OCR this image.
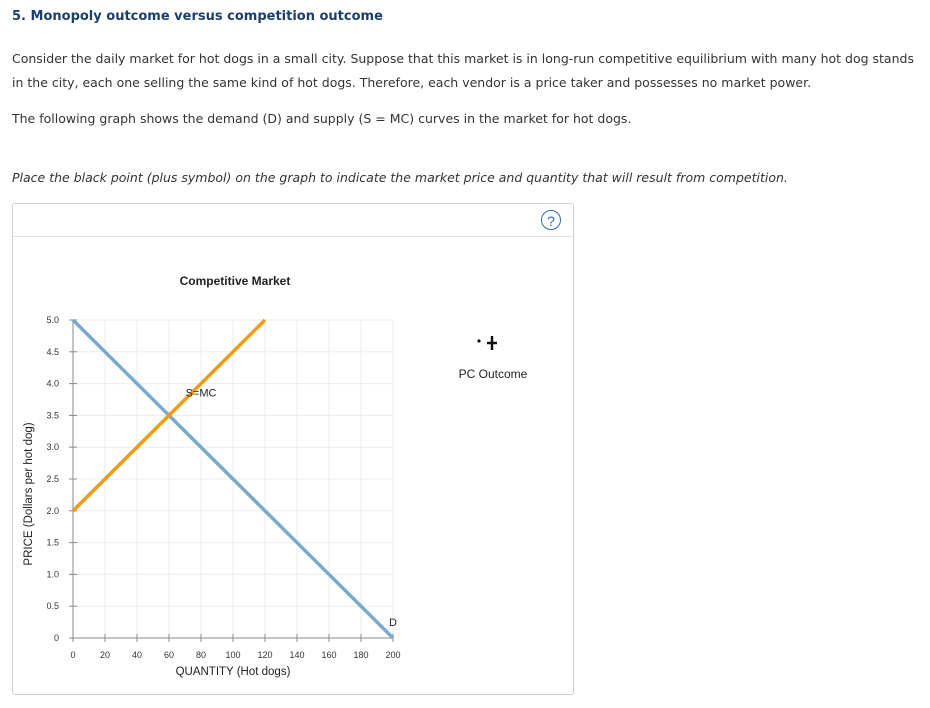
5. Monopoly outcome versus competition outcome
Consider the daily market for hot dogs in a small city. Suppose that this market is in long-run competitive equilibrium with many hot dog stands in the city, each one selling the same kind of hot dogs. Therefore, each vendor is a price taker and possesses no market power.
The following graph shows the demand (D) and supply (S = MC) curves in the market for hot dogs.
Place the black point (plus symbol) on the graph to indicate the market price and quantity that will result from competition.
?
0	20 40 60 80 100 120 140 160 180 200
0
0.5
1.0
1.5
2.0
2.5
3.0
3.5
4.0
4.5
5.0
D
S=MC
Competitive Market
QUANTITY (Hot dogs)
PRICE (Dollars per hot dog)
PC Outcome
